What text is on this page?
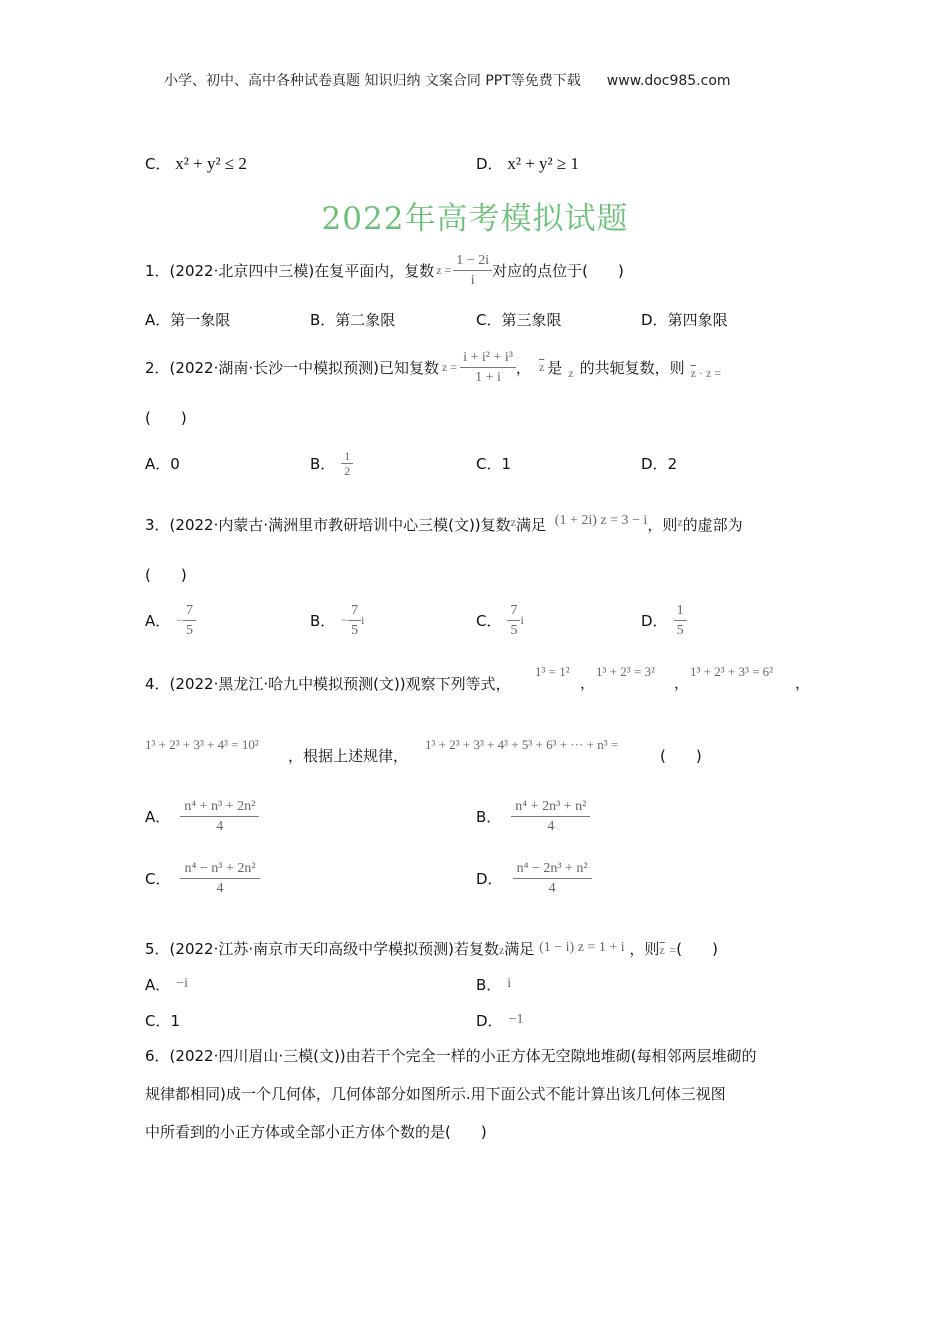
小学、初中、高中各种试卷真题 知识归纳 文案合同 PPT等免费下载 www.doc985.com
C． x² + y² ≤ 2	D． x² + y² ≥ 1
2022年高考模拟试题
1．(2022·北京四中三模)在复平面内，复数 $z = \frac{1 - 2i}{i}$ 对应的点位于(　　)
A．第一象限	B．第二象限	C．第三象限	D．第四象限
2．(2022·湖南·长沙一中模拟预测)已知复数 $z = \frac{\text{i + i² + i³}}{1 + i}$ ， $\overline{z}$ 是 z 的共轭复数，则 $\overline{z} \cdot z$ =
(　　)
A．0	B． $\frac{1}{2}$	C．1	D．2
3．(2022·内蒙古·满洲里市教研培训中心三模(文))复数$^z$满足 (1 + 2i) z = 3 − i，则$^z$的虚部为
(　　)
A． − $\frac{7}{5}$	B． − $\frac{7}{5}$ i	C． $\frac{7}{5}$ i	D． $\frac{1}{5}$
4．(2022·黑龙江·哈九中模拟预测(文))观察下列等式，
1³ = 1²
，
1³ + 2³ = 3²
，
1³ + 2³ + 3³ = 6²
，
1³ + 2³ + 3³ + 4³ = 10²
，根据上述规律，
1³ + 2³ + 3³ + 4³ + 5³ + 6³ + ··· + n³ =
(　　)
A． $\frac{\text{n⁴ + n³ + 2n²}}{4}$	B． $\frac{\text{n⁴ + 2n³ + n²}}{4}$
C． $\frac{\text{n⁴ − n³ + 2n²}}{4}$	D． $\frac{\text{n⁴ − 2n³ + n²}}{4}$
5．(2022·江苏·南京市天印高级中学模拟预测)若复数z满足 (1 − i) z = 1 + i ，则$\overline{z}$ =(　　)
A． −i	B． i
C．1	D． −1
6．(2022·四川眉山·三模(文))由若干个完全一样的小正方体无空隙地堆砌(每相邻两层堆砌的
规律都相同)成一个几何体，几何体部分如图所示.用下面公式不能计算出该几何体三视图
中所看到的小正方体或全部小正方体个数的是(　　)
